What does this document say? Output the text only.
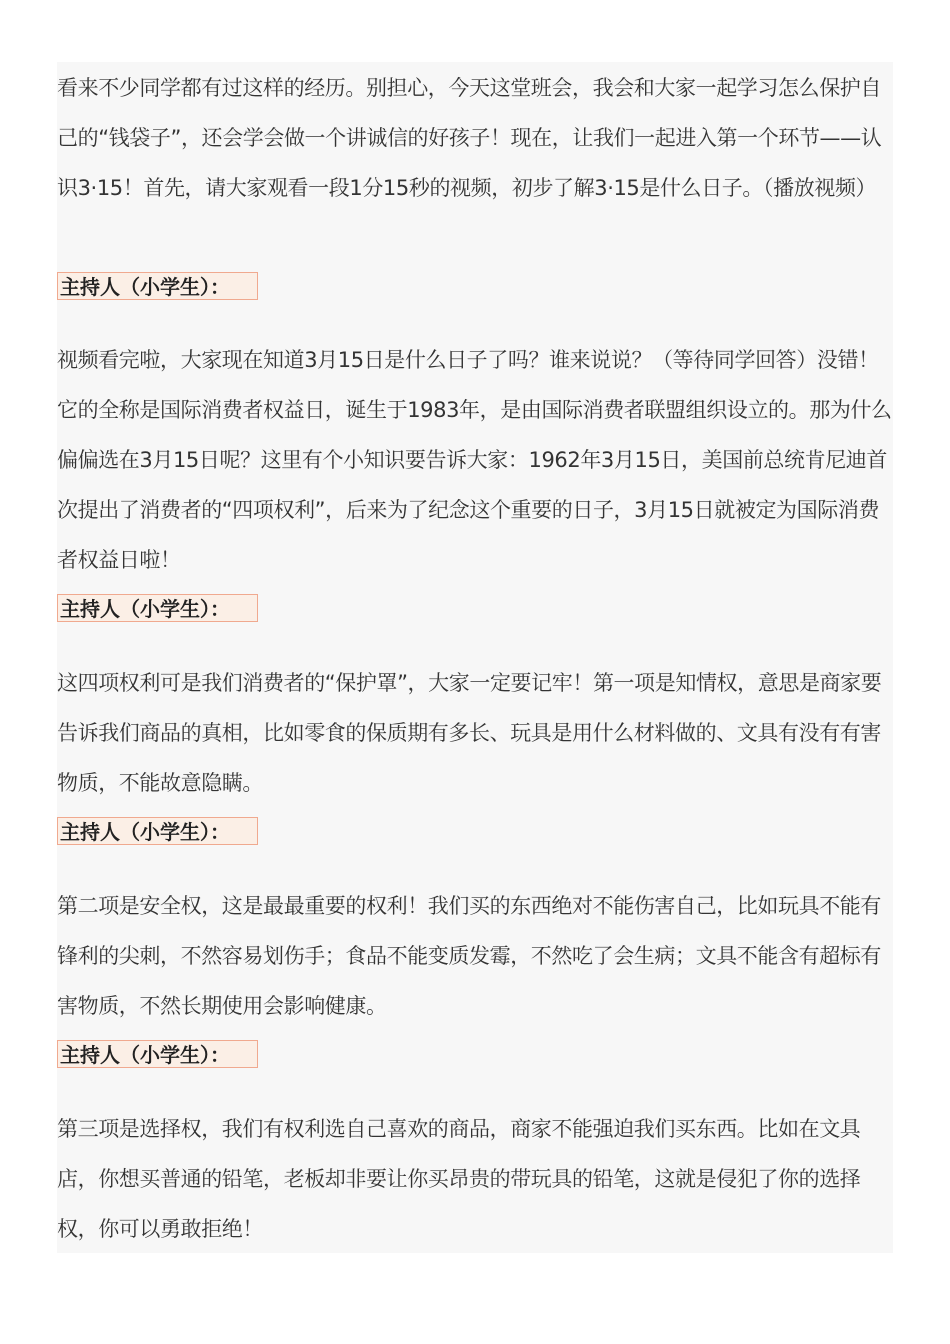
看来不少同学都有过这样的经历。别担心，今天这堂班会，我会和大家一起学习怎么保护自己的“钱袋子”，还会学会做一个讲诚信的好孩子！现在，让我们一起进入第一个环节——认识3·15！首先，请大家观看一段1分15秒的视频，初步了解3·15是什么日子。（播放视频）

主持人（小学生）：

视频看完啦，大家现在知道3月15日是什么日子了吗？谁来说说？（等待同学回答）没错！它的全称是国际消费者权益日，诞生于1983年，是由国际消费者联盟组织设立的。那为什么偏偏选在3月15日呢？这里有个小知识要告诉大家：1962年3月15日，美国前总统肯尼迪首次提出了消费者的“四项权利”，后来为了纪念这个重要的日子，3月15日就被定为国际消费者权益日啦！

主持人（小学生）：

这四项权利可是我们消费者的“保护罩”，大家一定要记牢！第一项是知情权，意思是商家要告诉我们商品的真相，比如零食的保质期有多长、玩具是用什么材料做的、文具有没有有害物质，不能故意隐瞒。

主持人（小学生）：

第二项是安全权，这是最最重要的权利！我们买的东西绝对不能伤害自己，比如玩具不能有锋利的尖刺，不然容易划伤手；食品不能变质发霉，不然吃了会生病；文具不能含有超标有害物质，不然长期使用会影响健康。

主持人（小学生）：

第三项是选择权，我们有权利选自己喜欢的商品，商家不能强迫我们买东西。比如在文具店，你想买普通的铅笔，老板却非要让你买昂贵的带玩具的铅笔，这就是侵犯了你的选择权，你可以勇敢拒绝！
